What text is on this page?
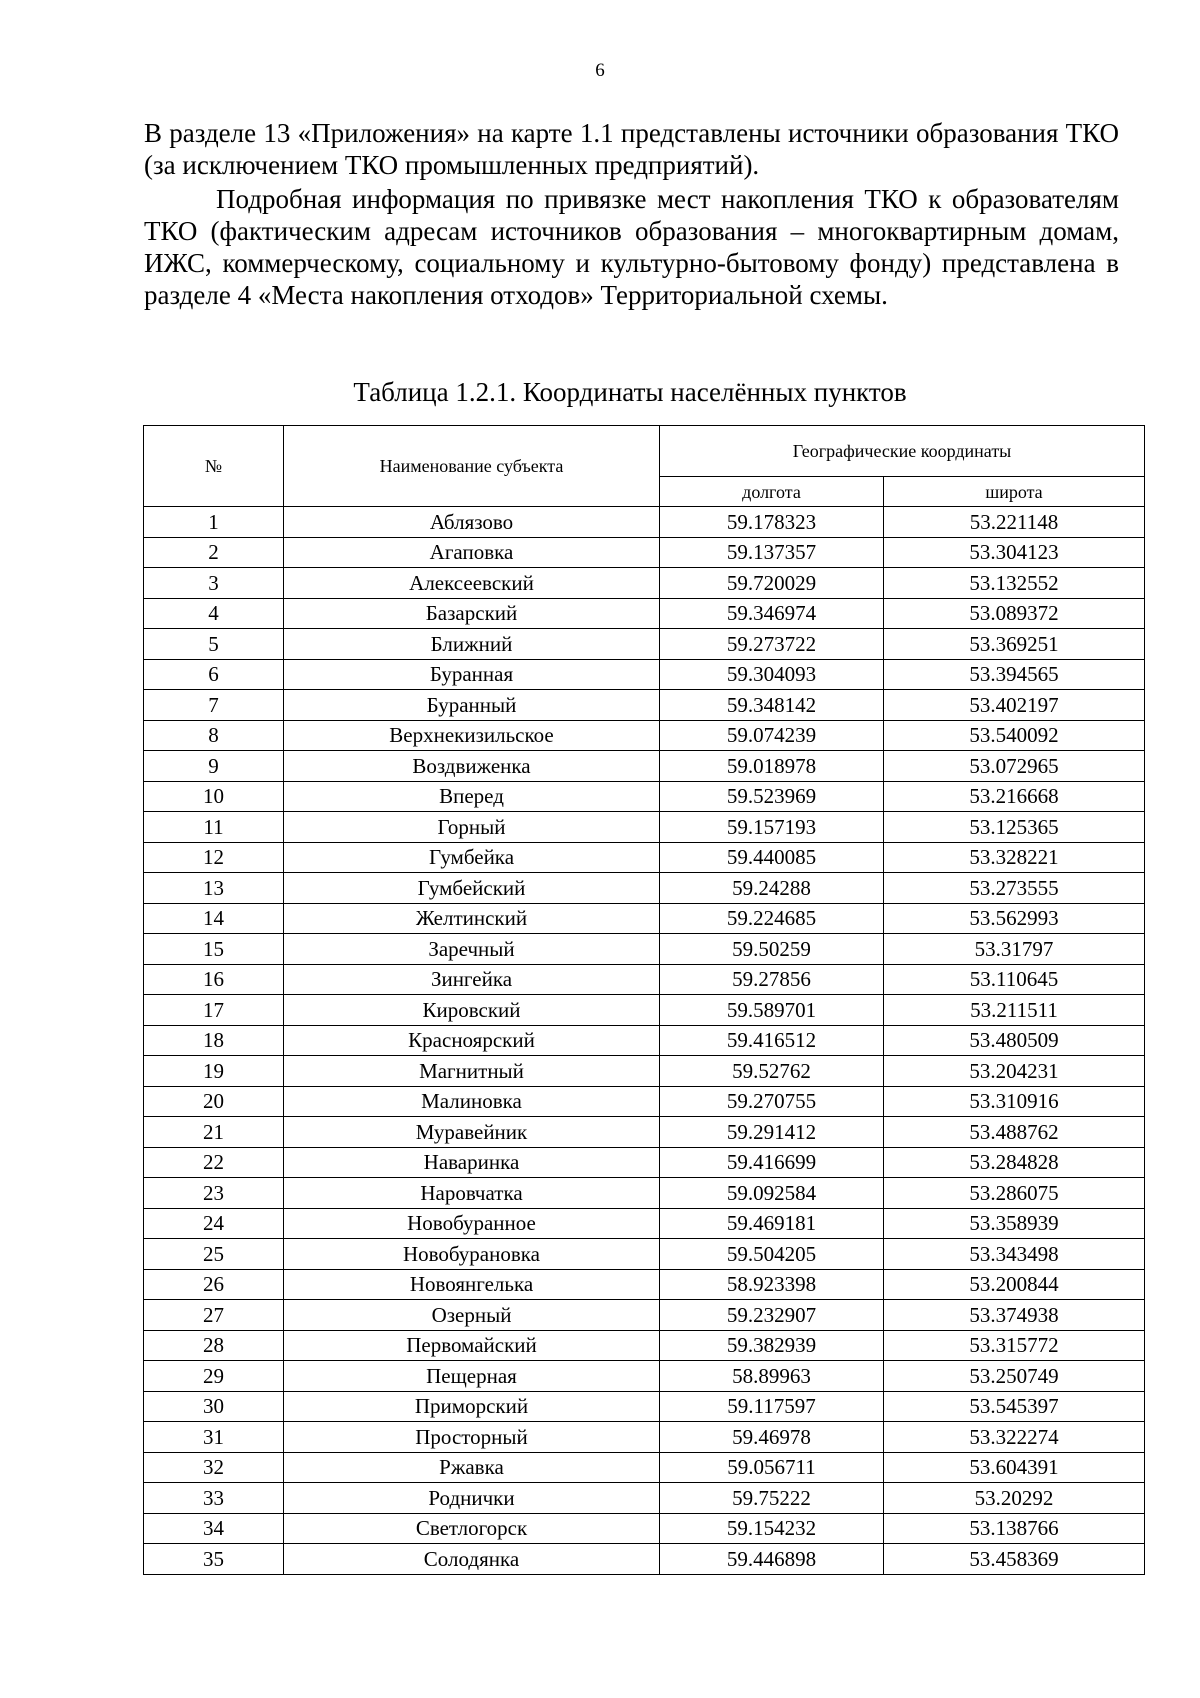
6

В разделе 13 «Приложения» на карте 1.1 представлены источники образования ТКО (за исключением ТКО промышленных предприятий).

Подробная информация по привязке мест накопления ТКО к образователям ТКО (фактическим адресам источников образования – многоквартирным домам, ИЖС, коммерческому, социальному и культурно-бытовому фонду) представлена в разделе 4 «Места накопления отходов» Территориальной схемы.

Таблица 1.2.1. Координаты населённых пунктов
№	Наименование субъекта	Географические координаты	
		долгота	широта
1	Аблязово	59.178323	53.221148
2	Агаповка	59.137357	53.304123
3	Алексеевский	59.720029	53.132552
4	Базарский	59.346974	53.089372
5	Ближний	59.273722	53.369251
6	Буранная	59.304093	53.394565
7	Буранный	59.348142	53.402197
8	Верхнекизильское	59.074239	53.540092
9	Воздвиженка	59.018978	53.072965
10	Вперед	59.523969	53.216668
11	Горный	59.157193	53.125365
12	Гумбейка	59.440085	53.328221
13	Гумбейский	59.24288	53.273555
14	Желтинский	59.224685	53.562993
15	Заречный	59.50259	53.31797
16	Зингейка	59.27856	53.110645
17	Кировский	59.589701	53.211511
18	Красноярский	59.416512	53.480509
19	Магнитный	59.52762	53.204231
20	Малиновка	59.270755	53.310916
21	Муравейник	59.291412	53.488762
22	Наваринка	59.416699	53.284828
23	Наровчатка	59.092584	53.286075
24	Новобуранное	59.469181	53.358939
25	Новобурановка	59.504205	53.343498
26	Новоянгелька	58.923398	53.200844
27	Озерный	59.232907	53.374938
28	Первомайский	59.382939	53.315772
29	Пещерная	58.89963	53.250749
30	Приморский	59.117597	53.545397
31	Просторный	59.46978	53.322274
32	Ржавка	59.056711	53.604391
33	Роднички	59.75222	53.20292
34	Светлогорск	59.154232	53.138766
35	Солодянка	59.446898	53.458369
